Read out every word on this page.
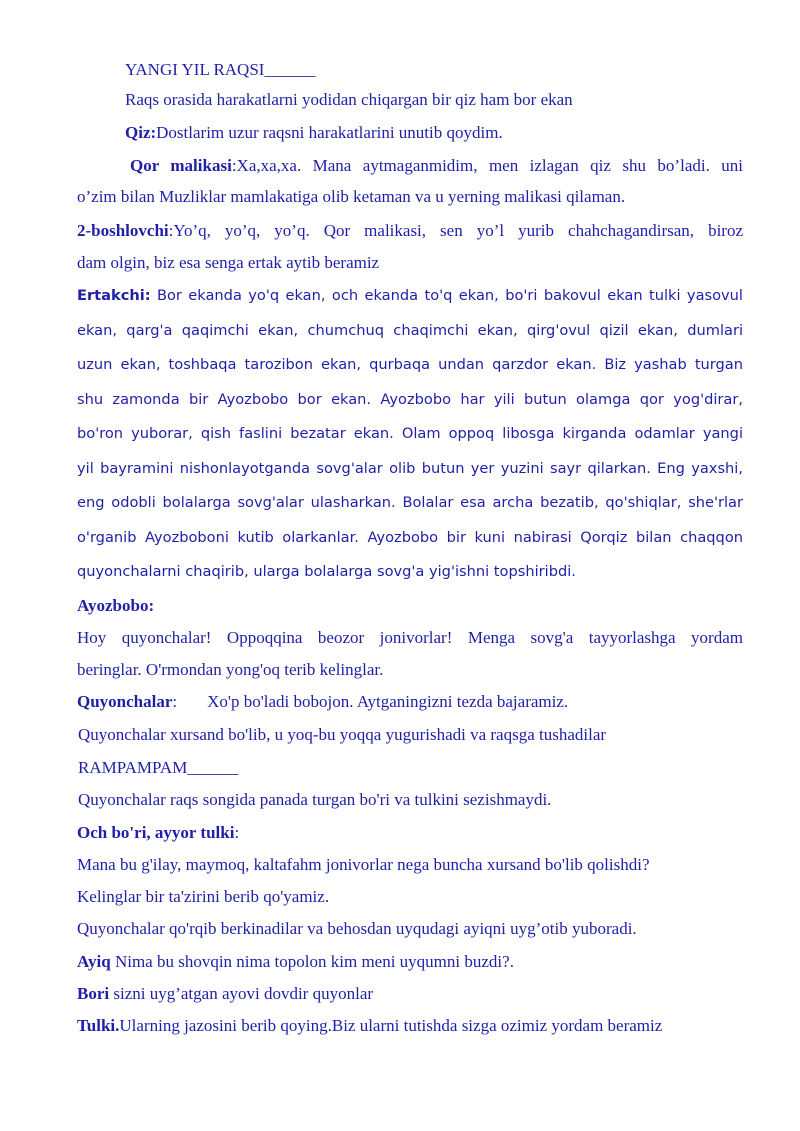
YANGI YIL RAQSI______

Raqs orasida harakatlarni yodidan chiqargan bir qiz ham bor ekan

Qiz:Dostlarim uzur raqsni harakatlarini unutib qoydim.

Qor malikasi:Xa,xa,xa. Mana aytmaganmidim, men izlagan qiz shu bo’ladi. uni

o’zim bilan Muzliklar mamlakatiga olib ketaman va u yerning malikasi qilaman.

2-boshlovchi:Yo’q, yo’q, yo’q. Qor malikasi, sen yo’l yurib chahchagandirsan, biroz

dam olgin, biz esa senga ertak aytib beramiz

Ertakchi: Bor ekanda yo'q ekan, och ekanda to'q ekan, bo'ri bakovul ekan tulki yasovul

ekan, qarg'a qaqimchi ekan, chumchuq chaqimchi ekan, qirg'ovul qizil ekan, dumlari

uzun ekan, toshbaqa tarozibon ekan, qurbaqa undan qarzdor ekan. Biz yashab turgan

shu zamonda bir Ayozbobo bor ekan. Ayozbobo har yili butun olamga qor yog'dirar,

bo'ron yuborar, qish faslini bezatar ekan. Olam oppoq libosga kirganda odamlar yangi

yil bayramini nishonlayotganda sovg'alar olib butun yer yuzini sayr qilarkan. Eng yaxshi,

eng odobli bolalarga sovg'alar ulasharkan. Bolalar esa archa bezatib, qo'shiqlar, she'rlar

o'rganib Ayozboboni kutib olarkanlar. Ayozbobo bir kuni nabirasi Qorqiz bilan chaqqon

quyonchalarni chaqirib, ularga bolalarga sovg'a yig'ishni topshiribdi.

Ayozbobo:

Hoy quyonchalar! Oppoqqina beozor jonivorlar! Menga sovg'a tayyorlashga yordam

beringlar. O'rmondan yong'oq terib kelinglar.

Quyonchalar: Xo'p bo'ladi bobojon. Aytganingizni tezda bajaramiz.

Quyonchalar xursand bo'lib, u yoq-bu yoqqa yugurishadi va raqsga tushadilar

RAMPAMPAM______

Quyonchalar raqs songida panada turgan bo'ri va tulkini sezishmaydi.

Och bo'ri, ayyor tulki:

Mana bu g'ilay, maymoq, kaltafahm jonivorlar nega buncha xursand bo'lib qolishdi?

Kelinglar bir ta'zirini berib qo'yamiz.

Quyonchalar qo'rqib berkinadilar va behosdan uyqudagi ayiqni uyg’otib yuboradi.

Ayiq Nima bu shovqin nima topolon kim meni uyqumni buzdi?.

Bori sizni uyg’atgan ayovi dovdir quyonlar

Tulki.Ularning jazosini berib qoying.Biz ularni tutishda sizga ozimiz yordam beramiz
